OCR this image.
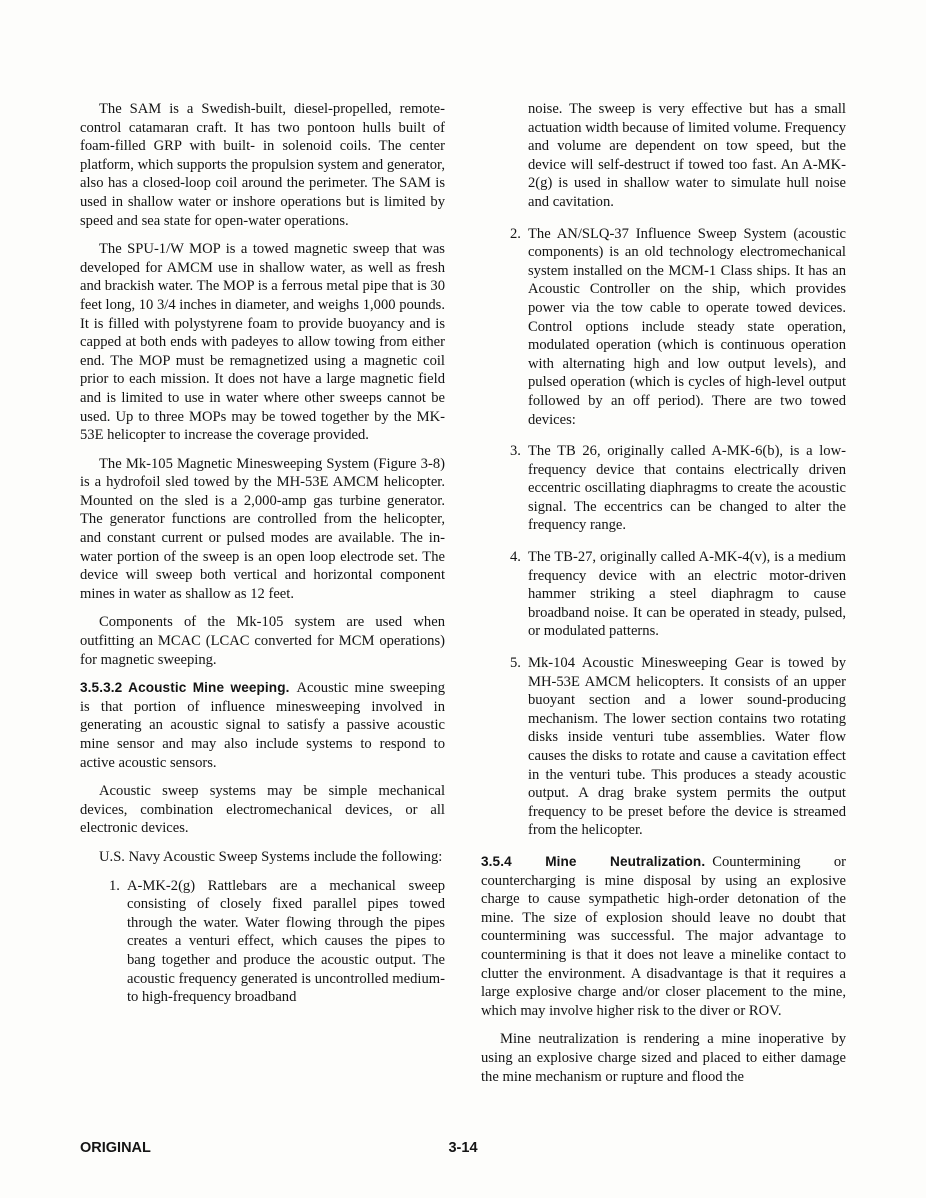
The SAM is a Swedish-built, diesel-propelled, remote-control catamaran craft. It has two pontoon hulls built of foam-filled GRP with built- in solenoid coils. The center platform, which supports the propulsion system and generator, also has a closed-loop coil around the perimeter. The SAM is used in shallow water or inshore operations but is limited by speed and sea state for open-water operations.

The SPU-1/W MOP is a towed magnetic sweep that was developed for AMCM use in shallow water, as well as fresh and brackish water. The MOP is a ferrous metal pipe that is 30 feet long, 10 3/4 inches in diameter, and weighs 1,000 pounds. It is filled with polystyrene foam to provide buoyancy and is capped at both ends with padeyes to allow towing from either end. The MOP must be remagnetized using a magnetic coil prior to each mission. It does not have a large magnetic field and is limited to use in water where other sweeps cannot be used. Up to three MOPs may be towed together by the MK-53E helicopter to increase the coverage provided.

The Mk-105 Magnetic Minesweeping System (Figure 3-8) is a hydrofoil sled towed by the MH-53E AMCM helicopter. Mounted on the sled is a 2,000-amp gas turbine generator. The generator functions are controlled from the helicopter, and constant current or pulsed modes are available. The in-water portion of the sweep is an open loop electrode set. The device will sweep both vertical and horizontal component mines in water as shallow as 12 feet.

Components of the Mk-105 system are used when outfitting an MCAC (LCAC converted for MCM operations) for magnetic sweeping.

3.5.3.2 Acoustic Mine weeping. Acoustic mine sweeping is that portion of influence minesweeping involved in generating an acoustic signal to satisfy a passive acoustic mine sensor and may also include systems to respond to active acoustic sensors.

Acoustic sweep systems may be simple mechanical devices, combination electromechanical devices, or all electronic devices.

U.S. Navy Acoustic Sweep Systems include the following:

1. A-MK-2(g) Rattlebars are a mechanical sweep consisting of closely fixed parallel pipes towed through the water. Water flowing through the pipes creates a venturi effect, which causes the pipes to bang together and produce the acoustic output. The acoustic frequency generated is uncontrolled medium- to high-frequency broadband

noise. The sweep is very effective but has a small actuation width because of limited volume. Frequency and volume are dependent on tow speed, but the device will self-destruct if towed too fast. An A-MK-2(g) is used in shallow water to simulate hull noise and cavitation.

2. The AN/SLQ-37 Influence Sweep System (acoustic components) is an old technology electromechanical system installed on the MCM-1 Class ships. It has an Acoustic Controller on the ship, which provides power via the tow cable to operate towed devices. Control options include steady state operation, modulated operation (which is continuous operation with alternating high and low output levels), and pulsed operation (which is cycles of high-level output followed by an off period). There are two towed devices:
3. The TB 26, originally called A-MK-6(b), is a low-frequency device that contains electrically driven eccentric oscillating diaphragms to create the acoustic signal. The eccentrics can be changed to alter the frequency range.
4. The TB-27, originally called A-MK-4(v), is a medium frequency device with an electric motor-driven hammer striking a steel diaphragm to cause broadband noise. It can be operated in steady, pulsed, or modulated patterns.
5. Mk-104 Acoustic Minesweeping Gear is towed by MH-53E AMCM helicopters. It consists of an upper buoyant section and a lower sound-producing mechanism. The lower section contains two rotating disks inside venturi tube assemblies. Water flow causes the disks to rotate and cause a cavitation effect in the venturi tube. This produces a steady acoustic output. A drag brake system permits the output frequency to be preset before the device is streamed from the helicopter.

3.5.4 Mine Neutralization. Countermining or countercharging is mine disposal by using an explosive charge to cause sympathetic high-order detonation of the mine. The size of explosion should leave no doubt that countermining was successful. The major advantage to countermining is that it does not leave a minelike contact to clutter the environment. A disadvantage is that it requires a large explosive charge and/or closer placement to the mine, which may involve higher risk to the diver or ROV.

Mine neutralization is rendering a mine inoperative by using an explosive charge sized and placed to either damage the mine mechanism or rupture and flood the

3-14
ORIGINAL
